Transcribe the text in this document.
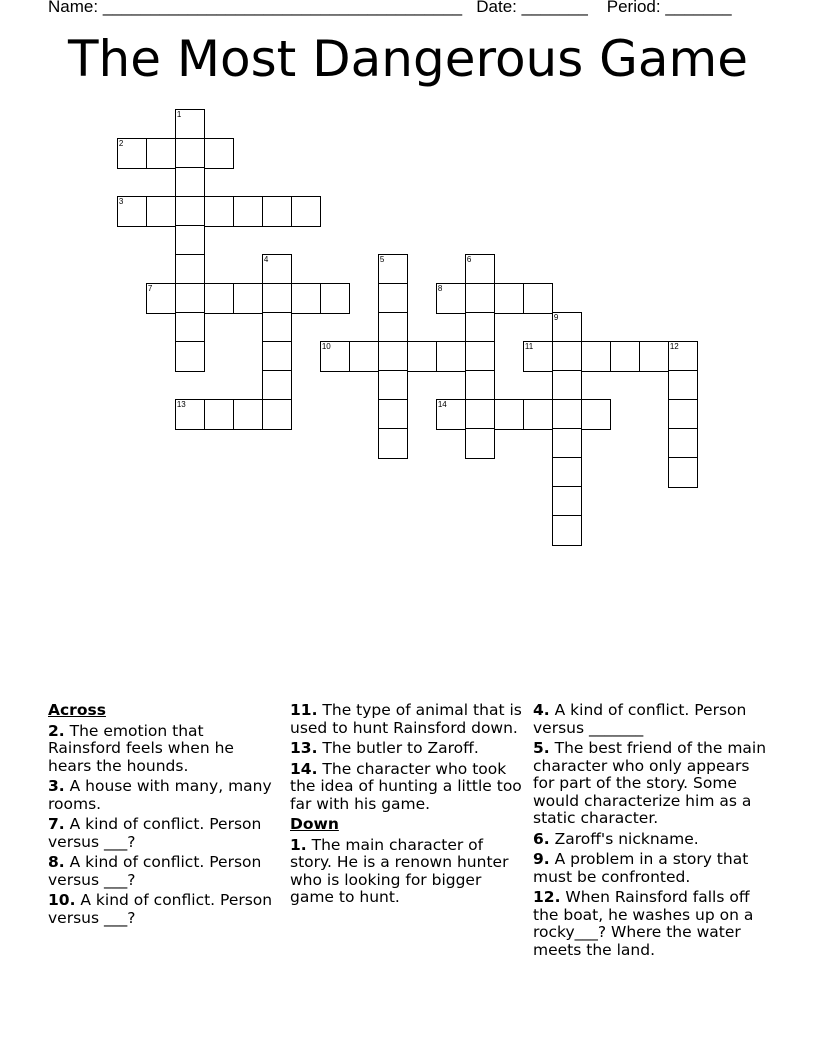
Name: ______________________________________ Date: _______ Period: _______
The Most Dangerous Game
1
2
3
4	5	6
7	8
9
10	11	12
13	14
Across
2. The emotion that Rainsford feels when he hears the hounds.
3. A house with many, many rooms.
7. A kind of conflict. Person versus ___?
8. A kind of conflict. Person versus ___?
10. A kind of conflict. Person versus ___?
11. The type of animal that is used to hunt Rainsford down.
13. The butler to Zaroff.
14. The character who took the idea of hunting a little too far with his game.
Down
1. The main character of story. He is a renown hunter who is looking for bigger game to hunt.
4. A kind of conflict. Person versus _______
5. The best friend of the main character who only appears for part of the story. Some would characterize him as a static character.
6. Zaroff's nickname.
9. A problem in a story that must be confronted.
12. When Rainsford falls off the boat, he washes up on a rocky___? Where the water meets the land.
